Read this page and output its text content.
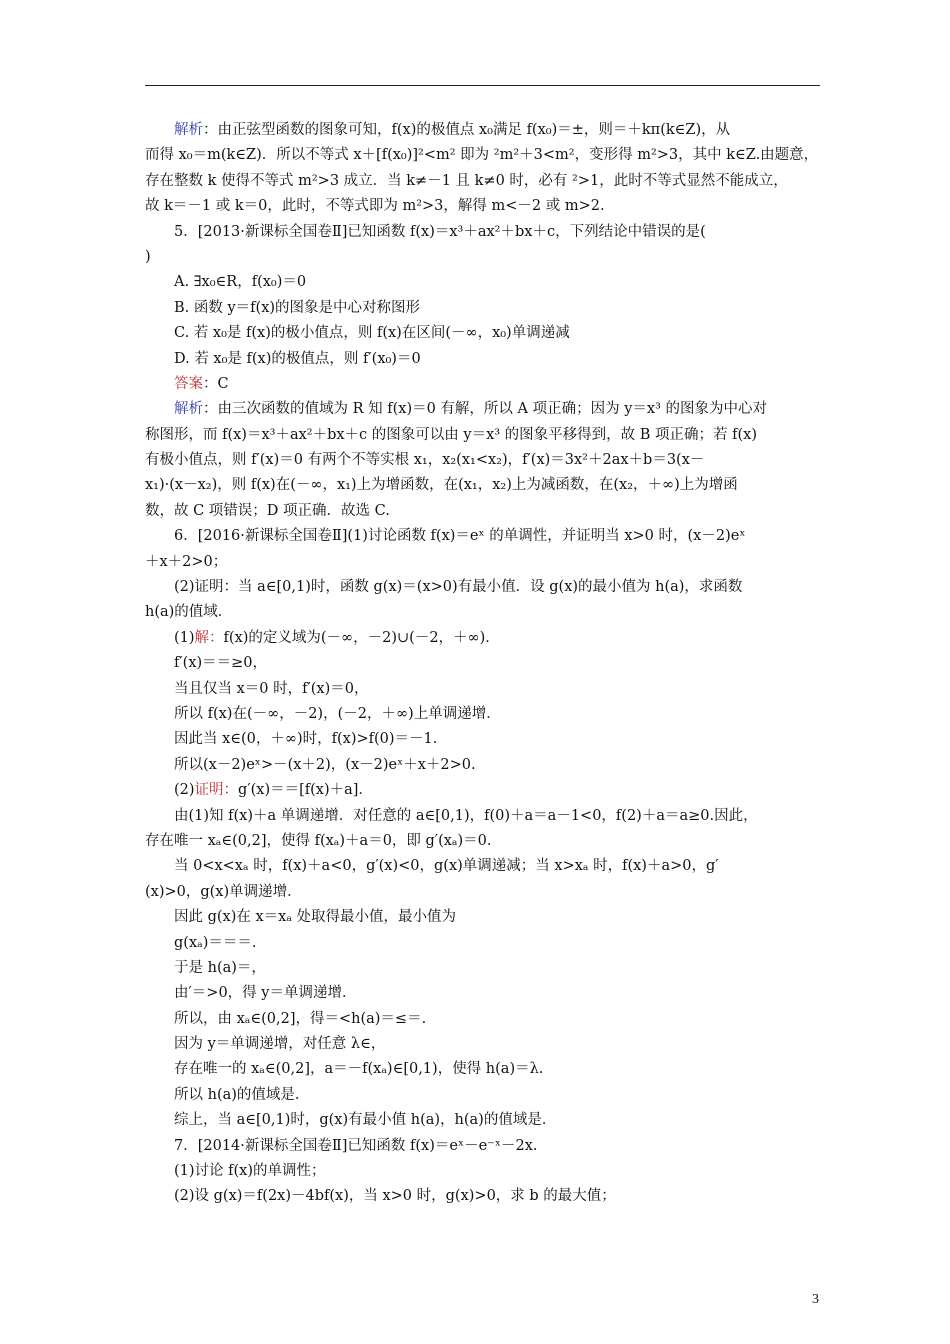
解析：由正弦型函数的图象可知，f(x)的极值点 x₀满足 f(x₀)＝±，则＝＋kπ(k∈Z)，从
而得 x₀＝m(k∈Z)．所以不等式 x＋[f(x₀)]²<m² 即为 ²m²＋3<m²，变形得 m²>3，其中 k∈Z.由题意，
存在整数 k 使得不等式 m²>3 成立．当 k≠－1 且 k≠0 时，必有 ²>1，此时不等式显然不能成立，
故 k＝－1 或 k＝0，此时，不等式即为 m²>3，解得 m<－2 或 m>2.
5．[2013·新课标全国卷Ⅱ]已知函数 f(x)＝x³＋ax²＋bx＋c，下列结论中错误的是(
)
A. ∃x₀∈R，f(x₀)＝0
B. 函数 y＝f(x)的图象是中心对称图形
C. 若 x₀是 f(x)的极小值点，则 f(x)在区间(－∞，x₀)单调递减
D. 若 x₀是 f(x)的极值点，则 f′(x₀)＝0
答案：C
解析：由三次函数的值域为 R 知 f(x)＝0 有解，所以 A 项正确；因为 y＝x³ 的图象为中心对
称图形，而 f(x)＝x³＋ax²＋bx＋c 的图象可以由 y＝x³ 的图象平移得到，故 B 项正确；若 f(x)
有极小值点，则 f′(x)＝0 有两个不等实根 x₁，x₂(x₁<x₂)，f′(x)＝3x²＋2ax＋b＝3(x－
x₁)·(x－x₂)，则 f(x)在(－∞，x₁)上为增函数，在(x₁，x₂)上为减函数，在(x₂，＋∞)上为增函
数，故 C 项错误；D 项正确．故选 C.
6．[2016·新课标全国卷Ⅱ](1)讨论函数 f(x)＝eˣ 的单调性，并证明当 x>0 时，(x－2)eˣ
＋x＋2>0；
(2)证明：当 a∈[0,1)时，函数 g(x)＝(x>0)有最小值．设 g(x)的最小值为 h(a)，求函数
h(a)的值域．
(1)解：f(x)的定义域为(－∞，－2)∪(－2，＋∞)．
f′(x)＝＝≥0，
当且仅当 x＝0 时，f′(x)＝0，
所以 f(x)在(－∞，－2)，(－2，＋∞)上单调递增．
因此当 x∈(0，＋∞)时，f(x)>f(0)＝－1.
所以(x－2)eˣ>－(x＋2)，(x－2)eˣ＋x＋2>0.
(2)证明：g′(x)＝＝[f(x)＋a]．
由(1)知 f(x)＋a 单调递增．对任意的 a∈[0,1)，f(0)＋a＝a－1<0，f(2)＋a＝a≥0.因此，
存在唯一 xₐ∈(0,2]，使得 f(xₐ)＋a＝0，即 g′(xₐ)＝0.
当 0<x<xₐ 时，f(x)＋a<0，g′(x)<0，g(x)单调递减；当 x>xₐ 时，f(x)＋a>0，g′
(x)>0，g(x)单调递增．
因此 g(x)在 x＝xₐ 处取得最小值，最小值为
g(xₐ)＝＝＝.
于是 h(a)＝，
由′＝>0，得 y＝单调递增．
所以，由 xₐ∈(0,2]，得＝<h(a)＝≤＝.
因为 y＝单调递增，对任意 λ∈，
存在唯一的 xₐ∈(0,2]，a＝－f(xₐ)∈[0,1)，使得 h(a)＝λ.
所以 h(a)的值域是．
综上，当 a∈[0,1)时，g(x)有最小值 h(a)，h(a)的值域是．
7．[2014·新课标全国卷Ⅱ]已知函数 f(x)＝eˣ－e⁻ˣ－2x.
(1)讨论 f(x)的单调性；
(2)设 g(x)＝f(2x)－4bf(x)，当 x>0 时，g(x)>0，求 b 的最大值；
3
